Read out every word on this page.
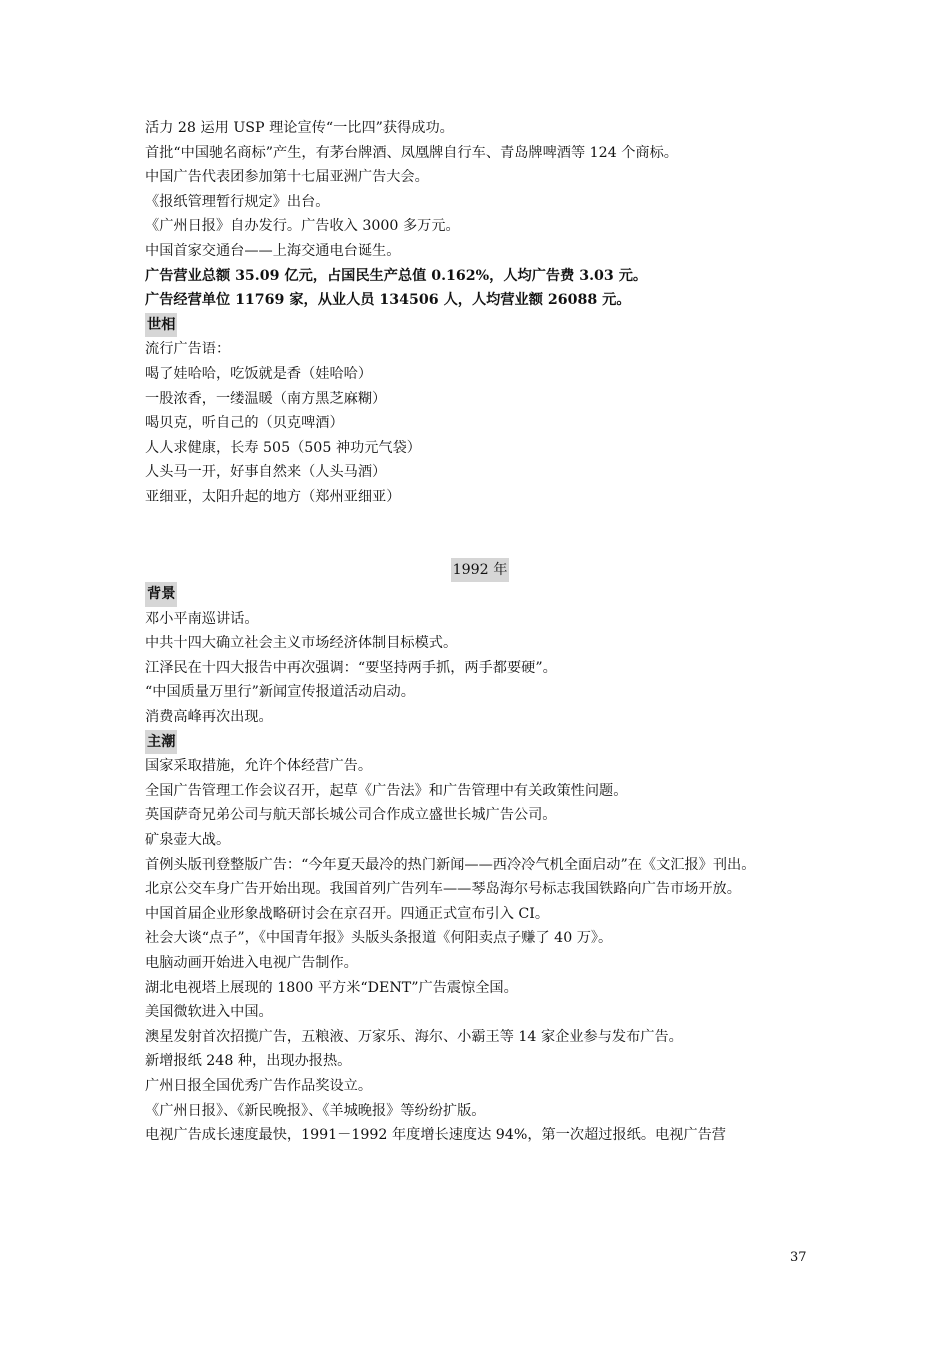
活力 28 运用 USP 理论宣传“一比四”获得成功。
首批“中国驰名商标”产生，有茅台牌酒、凤凰牌自行车、青岛牌啤酒等 124 个商标。
中国广告代表团参加第十七届亚洲广告大会。
《报纸管理暂行规定》出台。
《广州日报》自办发行。广告收入 3000 多万元。
中国首家交通台——上海交通电台诞生。
广告营业总额 35.09 亿元，占国民生产总值 0.162%，人均广告费 3.03 元。
广告经营单位 11769 家，从业人员 134506 人，人均营业额 26088 元。
世相
流行广告语：
喝了娃哈哈，吃饭就是香（娃哈哈）
一股浓香，一缕温暖（南方黑芝麻糊）
喝贝克，听自己的（贝克啤酒）
人人求健康，长寿 505（505 神功元气袋）
人头马一开，好事自然来（人头马酒）
亚细亚，太阳升起的地方（郑州亚细亚）
1992 年
背景
邓小平南巡讲话。
中共十四大确立社会主义市场经济体制目标模式。
江泽民在十四大报告中再次强调：“要坚持两手抓，两手都要硬”。
“中国质量万里行”新闻宣传报道活动启动。
消费高峰再次出现。
主潮
国家采取措施，允许个体经营广告。
全国广告管理工作会议召开，起草《广告法》和广告管理中有关政策性问题。
英国萨奇兄弟公司与航天部长城公司合作成立盛世长城广告公司。
矿泉壶大战。
首例头版刊登整版广告：“今年夏天最冷的热门新闻——西冷冷气机全面启动”在《文汇报》刊出。
北京公交车身广告开始出现。我国首列广告列车——琴岛海尔号标志我国铁路向广告市场开放。
中国首届企业形象战略研讨会在京召开。四通正式宣布引入 CI。
社会大谈“点子”，《中国青年报》头版头条报道《何阳卖点子赚了 40 万》。
电脑动画开始进入电视广告制作。
湖北电视塔上展现的 1800 平方米“DENT”广告震惊全国。
美国微软进入中国。
澳星发射首次招揽广告，五粮液、万家乐、海尔、小霸王等 14 家企业参与发布广告。
新增报纸 248 种，出现办报热。
广州日报全国优秀广告作品奖设立。
《广州日报》、《新民晚报》、《羊城晚报》等纷纷扩版。
电视广告成长速度最快，1991－1992 年度增长速度达 94%，第一次超过报纸。电视广告营
37
